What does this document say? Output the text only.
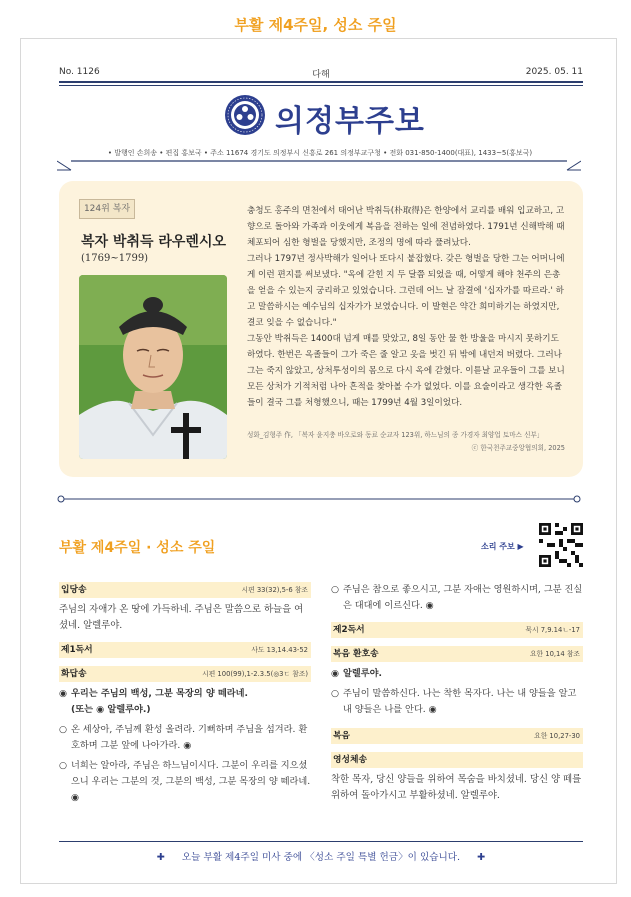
부활 제4주일, 성소 주일
No. 1126	다해	2025. 05. 11
의정부주보
• 발행인 손희송 • 편집 홍보국 • 주소 11674 경기도 의정부시 신흥로 261 의정부교구청 • 전화 031-850-1400(대표), 1433~5(홍보국)
124위 복자
복자 박취득 라우렌시오
(1769~1799)

충청도 홍주의 면천에서 태어난 박취득(朴取得)은 한양에서 교리를 배워 입교하고, 고향으로 돌아와 가족과 이웃에게 복음을 전하는 일에 전념하였다. 1791년 신해박해 때 체포되어 심한 형벌을 당했지만, 조정의 명에 따라 풀려났다.

그러나 1797년 정사박해가 일어나 또다시 붙잡혔다. 갖은 형벌을 당한 그는 어머니에게 이런 편지를 써보냈다. "옥에 갇힌 지 두 달쯤 되었을 때, 어떻게 해야 천주의 은총을 얻을 수 있는지 궁리하고 있었습니다. 그런데 어느 날 잠결에 '십자가를 따르라.' 하고 말씀하시는 예수님의 십자가가 보였습니다. 이 발현은 약간 희미하기는 하였지만, 결코 잊을 수 없습니다."

그동안 박취득은 1400대 넘게 매를 맞았고, 8일 동안 물 한 방울을 마시지 못하기도 하였다. 한번은 옥졸들이 그가 죽은 줄 알고 옷을 벗긴 뒤 밖에 내던져 버렸다. 그러나 그는 죽지 않았고, 상처투성이의 몸으로 다시 옥에 갇혔다. 이튿날 교우들이 그를 보니 모든 상처가 기적처럼 나아 흔적을 찾아볼 수가 없었다. 이를 요술이라고 생각한 옥졸들이 결국 그를 처형했으니, 때는 1799년 4월 3일이었다.

성화_김형주 作, 「복자 윤지충 바오로와 동료 순교자 123위, 하느님의 종 가경자 최양업 토마스 신부」
ⓒ 한국천주교중앙협의회, 2025
부활 제4주일 · 성소 주일	소리 주보 ▶
입당송	시편 33(32),5-6 참조
주님의 자애가 온 땅에 가득하네. 주님은 말씀으로 하늘을 여셨네. 알렐루야.
제1독서	사도 13,14.43-52
화답송	시편 100(99),1-2.3.5(◎3ㄷ 참조)
◉ 우리는 주님의 백성, 그분 목장의 양 떼라네.
(또는 ◉ 알렐루야.)
○ 온 세상아, 주님께 환성 올려라. 기뻐하며 주님을 섬겨라. 환호하며 그분 앞에 나아가라. ◉
○ 너희는 알아라, 주님은 하느님이시다. 그분이 우리를 지으셨으니 우리는 그분의 것, 그분의 백성, 그분 목장의 양 떼라네. ◉
○ 주님은 참으로 좋으시고, 그분 자애는 영원하시며, 그분 진실은 대대에 이르신다. ◉
제2독서	묵시 7,9.14ㄴ-17
복음 환호송	요한 10,14 참조
◉ 알렐루야.
○ 주님이 말씀하신다. 나는 착한 목자다. 나는 내 양들을 알고 내 양들은 나를 안다. ◉
복음	요한 10,27-30
영성체송
착한 목자, 당신 양들을 위하여 목숨을 바치셨네. 당신 양 떼를 위하여 돌아가시고 부활하셨네. 알렐루야.
✚ 오늘 부활 제4주일 미사 중에 〈성소 주일 특별 헌금〉이 있습니다. ✚
